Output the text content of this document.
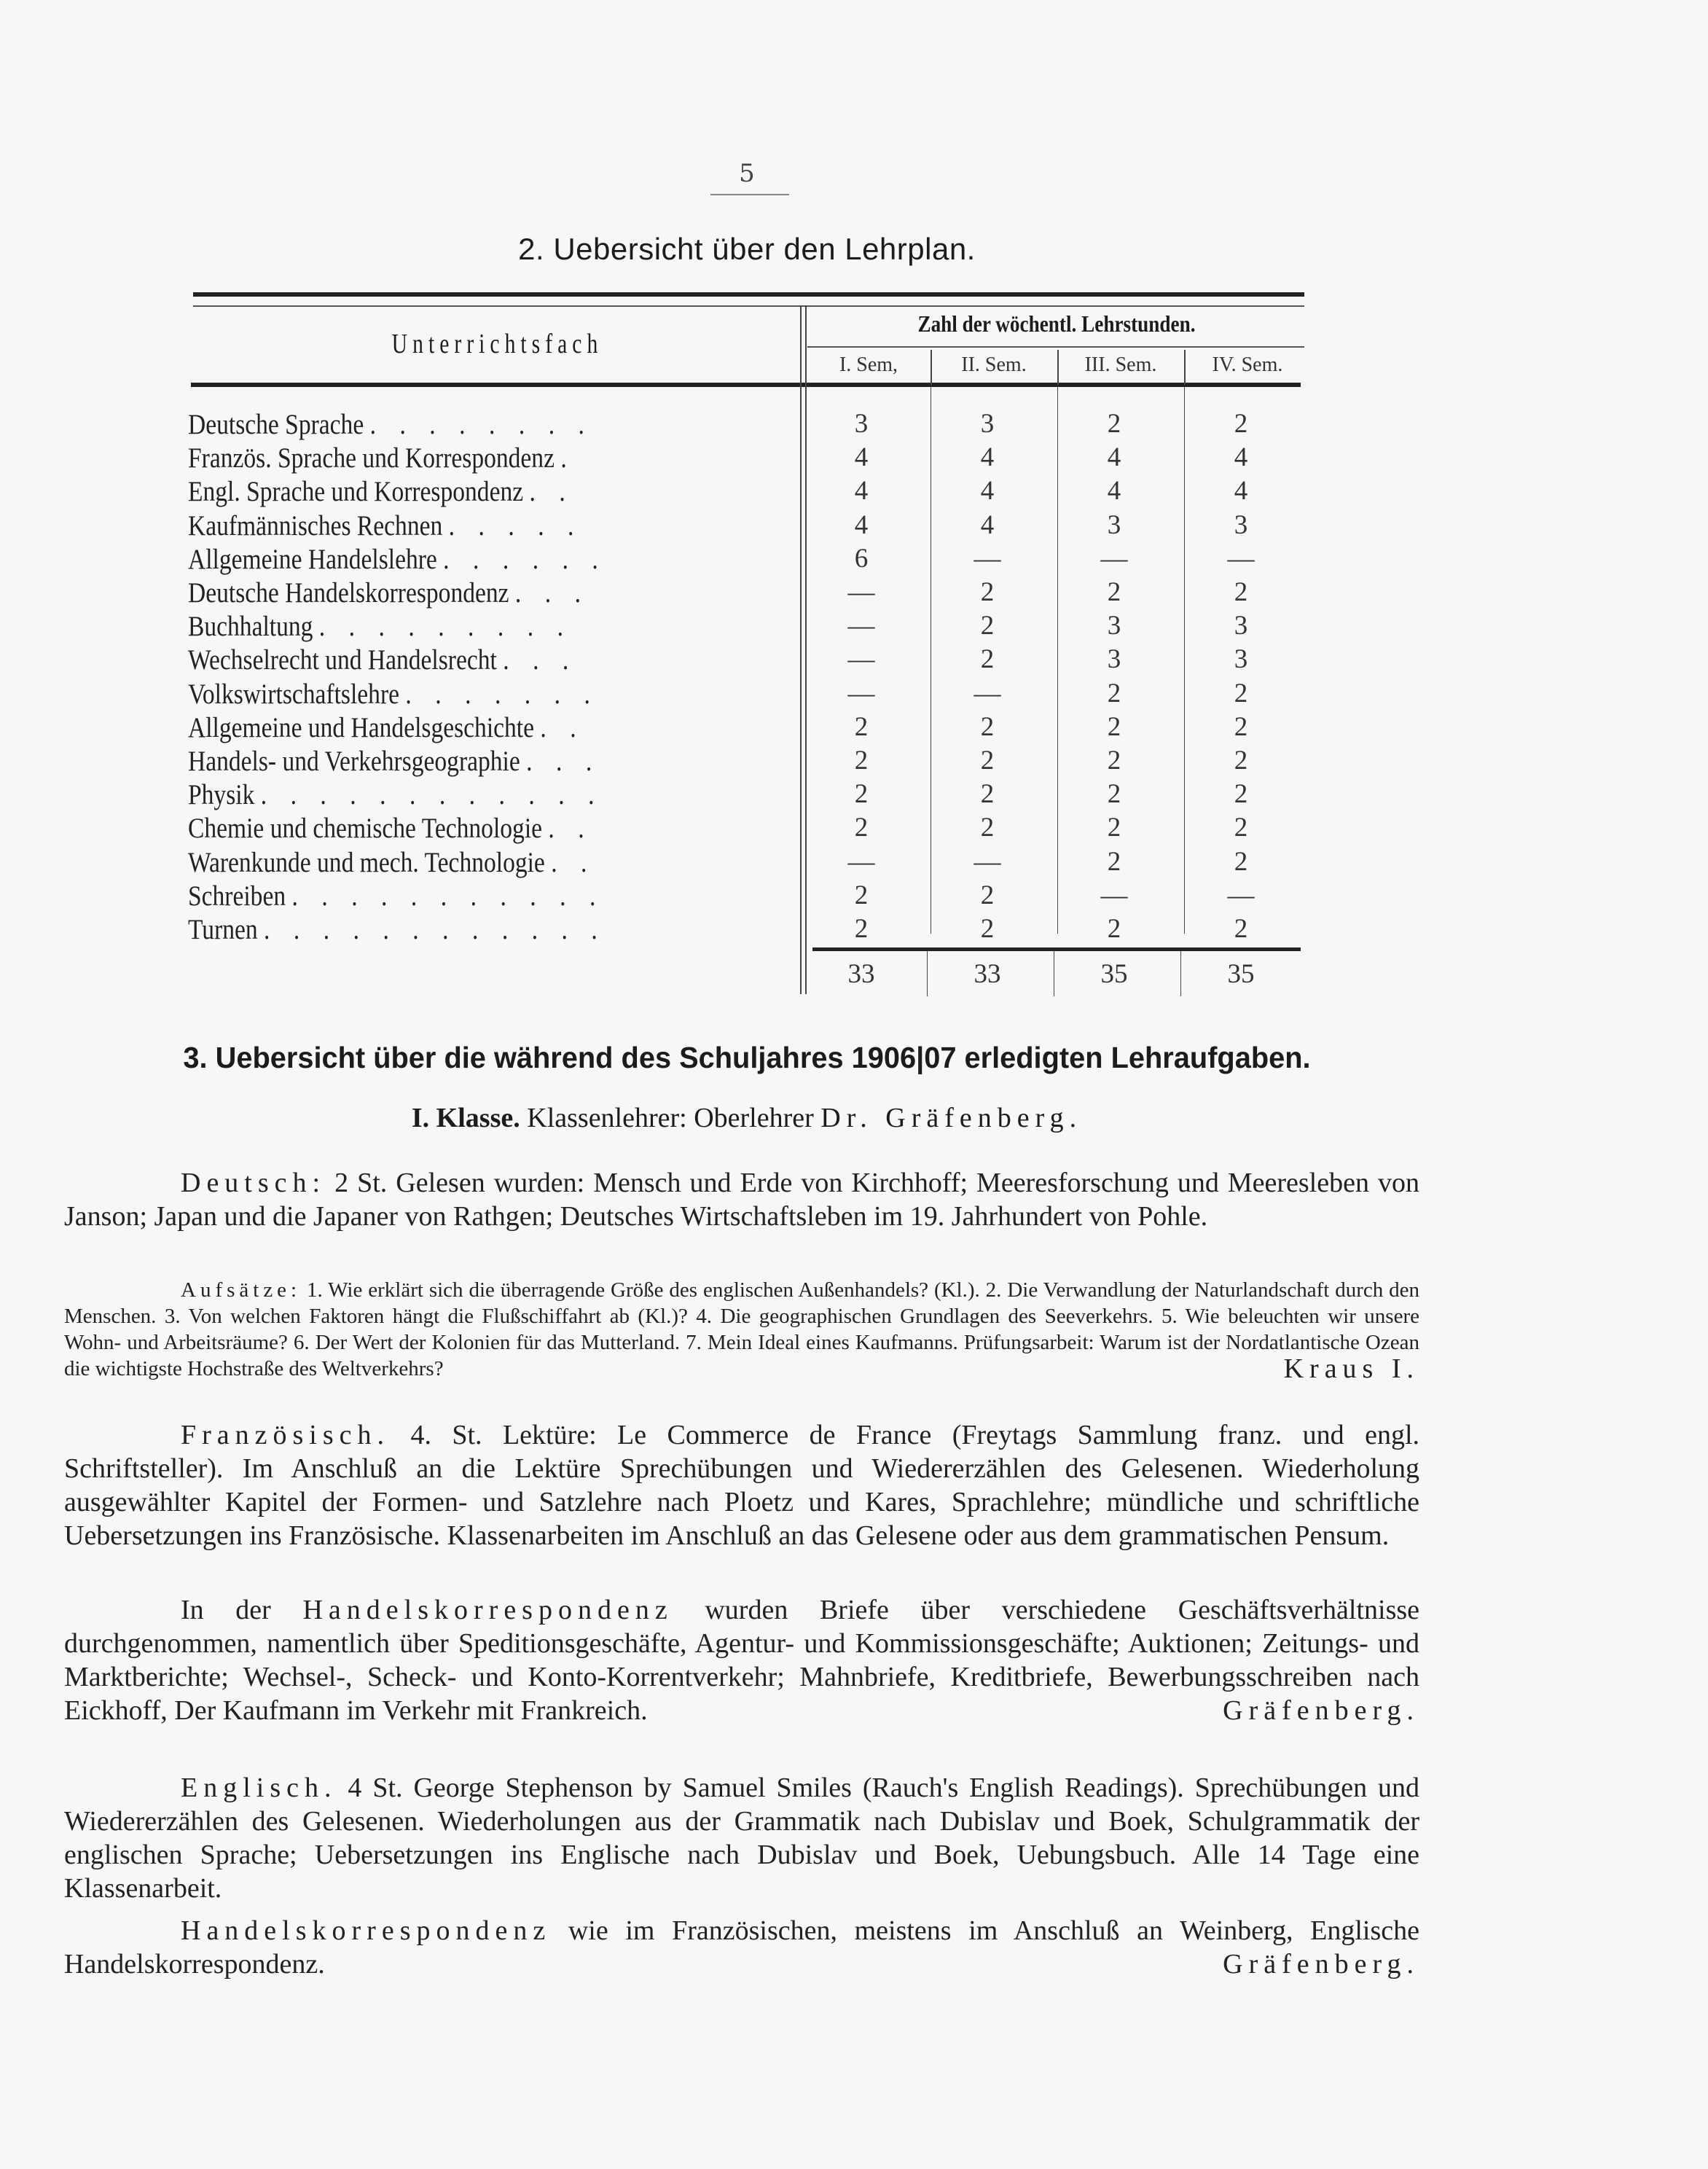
5
2. Uebersicht über den Lehrplan.
Unterrichtsfach
Zahl der wöchentl. Lehrstunden.
I. Sem,	II. Sem.	III. Sem.	IV. Sem.
Deutsche Sprache . . . . . . . .	3	3	2	2
Französ. Sprache und Korrespondenz .	4	4	4	4
Engl. Sprache und Korrespondenz . .	4	4	4	4
Kaufmännisches Rechnen . . . . .	4	4	3	3
Allgemeine Handelslehre . . . . . .	6	—	—	—
Deutsche Handelskorrespondenz . . .	—	2	2	2
Buchhaltung . . . . . . . . .	—	2	3	3
Wechselrecht und Handelsrecht . . .	—	2	3	3
Volkswirtschaftslehre . . . . . . .	—	—	2	2
Allgemeine und Handelsgeschichte . .	2	2	2	2
Handels- und Verkehrsgeographie . . .	2	2	2	2
Physik . . . . . . . . . . . .	2	2	2	2
Chemie und chemische Technologie . .	2	2	2	2
Warenkunde und mech. Technologie . .	—	—	2	2
Schreiben . . . . . . . . . . .	2	2	—	—
Turnen . . . . . . . . . . . .	2	2	2	2
33	33	35	35
3. Uebersicht über die während des Schuljahres 1906|07 erledigten Lehraufgaben.
I. Klasse. Klassenlehrer: Oberlehrer Dr. Gräfenberg.
Deutsch: 2 St. Gelesen wurden: Mensch und Erde von Kirchhoff; Meeresforschung und Meeresleben von Janson; Japan und die Japaner von Rathgen; Deutsches Wirtschaftsleben im 19. Jahrhundert von Pohle.
Aufsätze: 1. Wie erklärt sich die überragende Größe des englischen Außenhandels? (Kl.). 2. Die Verwandlung der Naturlandschaft durch den Menschen. 3. Von welchen Faktoren hängt die Flußschiffahrt ab (Kl.)? 4. Die geographischen Grundlagen des Seeverkehrs. 5. Wie beleuchten wir unsere Wohn- und Arbeitsräume? 6. Der Wert der Kolonien für das Mutterland. 7. Mein Ideal eines Kaufmanns. Prüfungsarbeit: Warum ist der Nordatlantische Ozean die wichtigste Hochstraße des Weltverkehrs?	Kraus I.
Französisch. 4. St. Lektüre: Le Commerce de France (Freytags Sammlung franz. und engl. Schriftsteller). Im Anschluß an die Lektüre Sprechübungen und Wiedererzählen des Gelesenen. Wiederholung ausgewählter Kapitel der Formen- und Satzlehre nach Ploetz und Kares, Sprachlehre; mündliche und schriftliche Uebersetzungen ins Französische. Klassenarbeiten im Anschluß an das Gelesene oder aus dem grammatischen Pensum.
In der Handelskorrespondenz wurden Briefe über verschiedene Geschäftsverhältnisse durchgenommen, namentlich über Speditionsgeschäfte, Agentur- und Kommissionsgeschäfte; Auktionen; Zeitungs- und Marktberichte; Wechsel-, Scheck- und Konto-Korrentverkehr; Mahnbriefe, Kreditbriefe, Bewerbungsschreiben nach Eickhoff, Der Kaufmann im Verkehr mit Frankreich.	Gräfenberg.
Englisch. 4 St. George Stephenson by Samuel Smiles (Rauch's English Readings). Sprechübungen und Wiedererzählen des Gelesenen. Wiederholungen aus der Grammatik nach Dubislav und Boek, Schulgrammatik der englischen Sprache; Uebersetzungen ins Englische nach Dubislav und Boek, Uebungsbuch. Alle 14 Tage eine Klassenarbeit.
Handelskorrespondenz wie im Französischen, meistens im Anschluß an Weinberg, Englische Handelskorrespondenz.	Gräfenberg.
